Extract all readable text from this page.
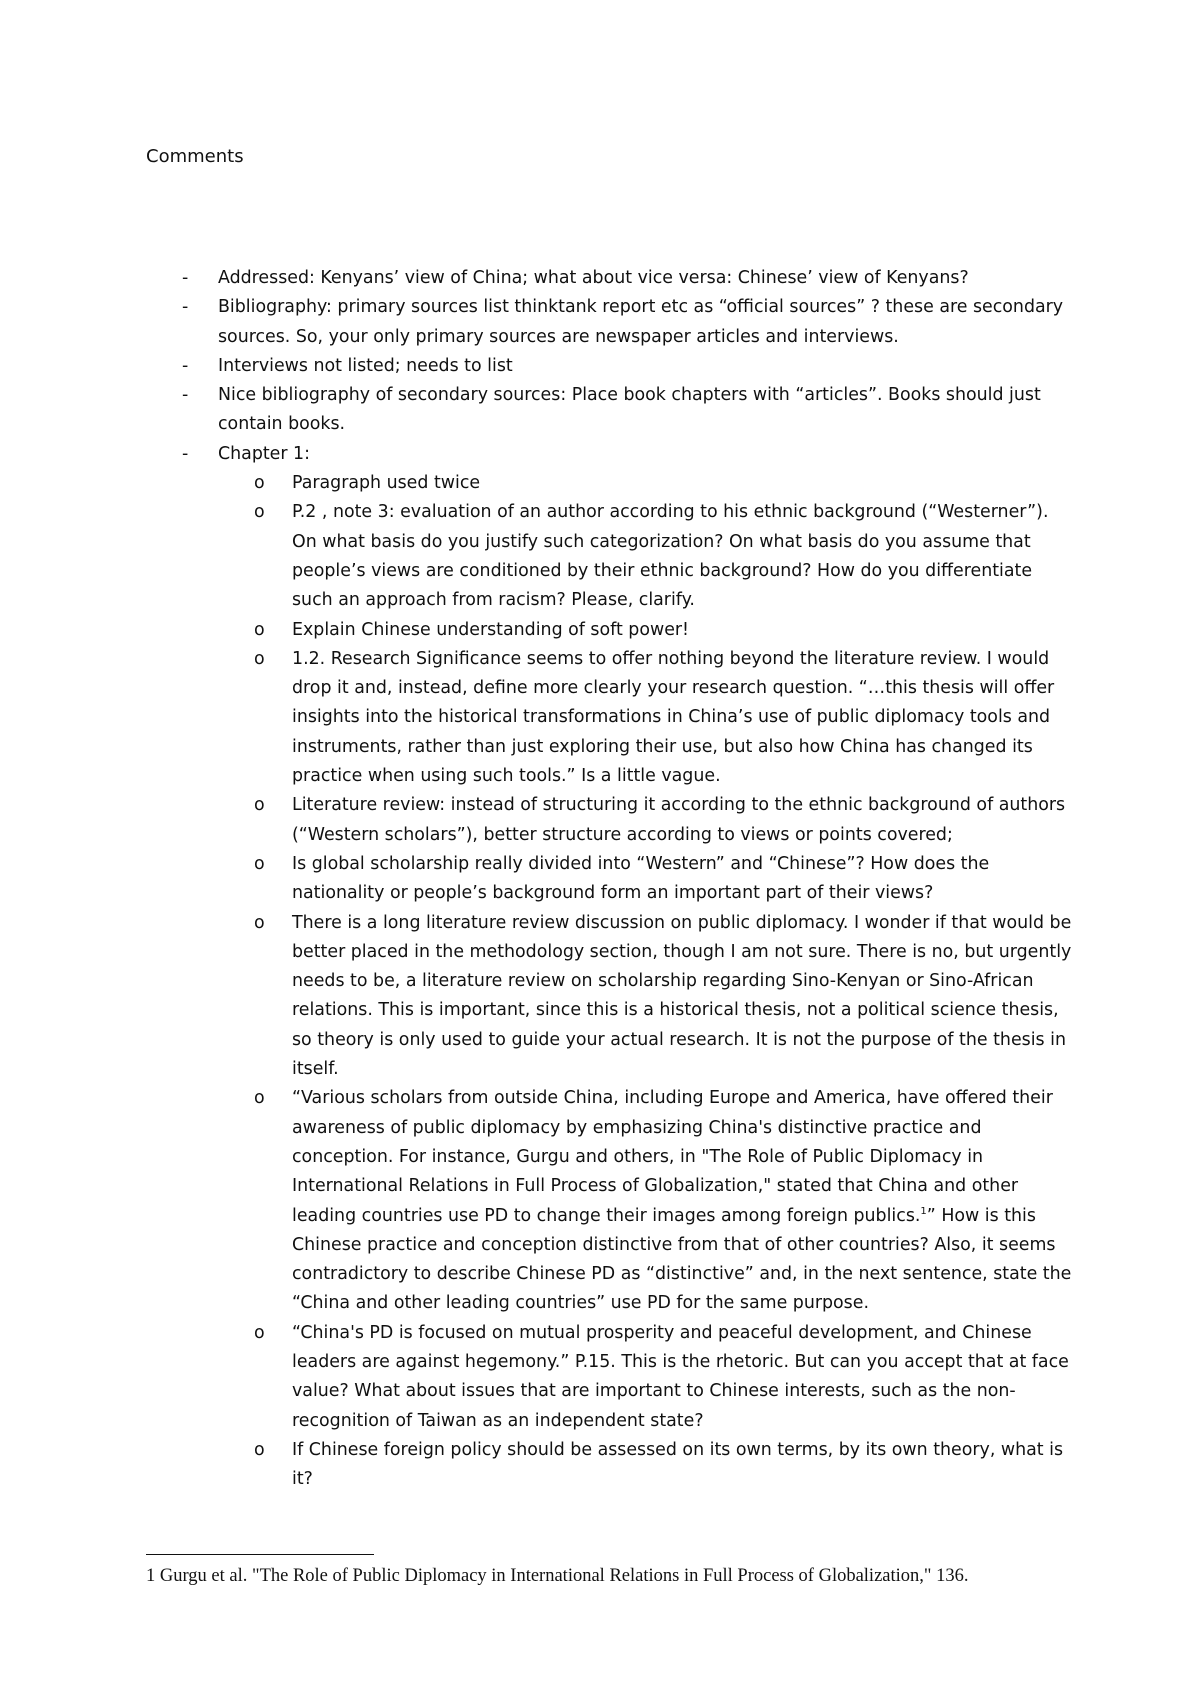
Comments
- Addressed: Kenyans’ view of China; what about vice versa: Chinese’ view of Kenyans?
- Bibliography: primary sources list thinktank report etc as “official sources” ? these are secondary sources. So, your only primary sources are newspaper articles and interviews.
- Interviews not listed; needs to list
- Nice bibliography of secondary sources: Place book chapters with “articles”. Books should just contain books.
- Chapter 1:
o Paragraph used twice
o P.2 , note 3: evaluation of an author according to his ethnic background (“Westerner”). On what basis do you justify such categorization? On what basis do you assume that people’s views are conditioned by their ethnic background? How do you differentiate such an approach from racism? Please, clarify.
o Explain Chinese understanding of soft power!
o 1.2. Research Significance seems to offer nothing beyond the literature review. I would drop it and, instead, define more clearly your research question. “…this thesis will offer insights into the historical transformations in China’s use of public diplomacy tools and instruments, rather than just exploring their use, but also how China has changed its practice when using such tools.” Is a little vague.
o Literature review: instead of structuring it according to the ethnic background of authors (“Western scholars”), better structure according to views or points covered;
o Is global scholarship really divided into “Western” and “Chinese”? How does the nationality or people’s background form an important part of their views?
o There is a long literature review discussion on public diplomacy. I wonder if that would be better placed in the methodology section, though I am not sure. There is no, but urgently needs to be, a literature review on scholarship regarding Sino-Kenyan or Sino-African relations. This is important, since this is a historical thesis, not a political science thesis, so theory is only used to guide your actual research. It is not the purpose of the thesis in itself.
o “Various scholars from outside China, including Europe and America, have offered their awareness of public diplomacy by emphasizing China's distinctive practice and conception. For instance, Gurgu and others, in "The Role of Public Diplomacy in International Relations in Full Process of Globalization," stated that China and other leading countries use PD to change their images among foreign publics.$^1$” How is this Chinese practice and conception distinctive from that of other countries? Also, it seems contradictory to describe Chinese PD as “distinctive” and, in the next sentence, state the “China and other leading countries” use PD for the same purpose.
o “China's PD is focused on mutual prosperity and peaceful development, and Chinese leaders are against hegemony.” P.15. This is the rhetoric. But can you accept that at face value? What about issues that are important to Chinese interests, such as the non-recognition of Taiwan as an independent state?
o If Chinese foreign policy should be assessed on its own terms, by its own theory, what is it?
1 Gurgu et al. "The Role of Public Diplomacy in International Relations in Full Process of Globalization," 136.
